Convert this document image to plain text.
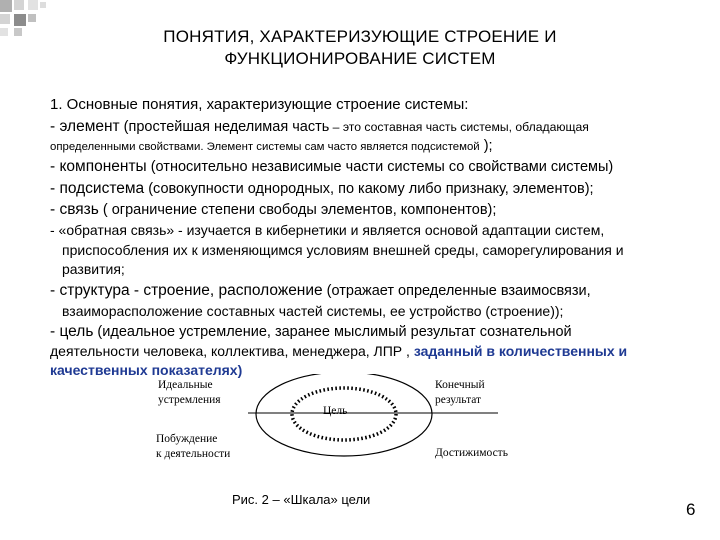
ПОНЯТИЯ, ХАРАКТЕРИЗУЮЩИЕ СТРОЕНИЕ И
ФУНКЦИОНИРОВАНИЕ СИСТЕМ
1. Основные понятия, характеризующие строение системы:
- элемент (простейшая неделимая часть – это составная часть системы, обладающая
определенными свойствами. Элемент системы сам часто является подсистемой );
- компоненты (относительно независимые части системы со свойствами системы)
- подсистема (совокупности однородных, по какому либо признаку, элементов);
- связь ( ограничение степени свободы элементов, компонентов);
- «обратная связь» - изучается в кибернетики и является основой адаптации систем,
приспособления их к изменяющимся условиям внешней среды, саморегулирования и
развития;
- структура - строение, расположение (отражает определенные взаимосвязи,
взаиморасположение составных частей системы, ее устройство (строение));
- цель (идеальное устремление, заранее мыслимый результат сознательной
деятельности человека, коллектива, менеджера, ЛПР , заданный в количественных и
качественных показателях)
Идеальные
устремления
Побуждение
к деятельности
Цель
Конечный
результат
Достижимость
Рис. 2 – «Шкала» цели
6
